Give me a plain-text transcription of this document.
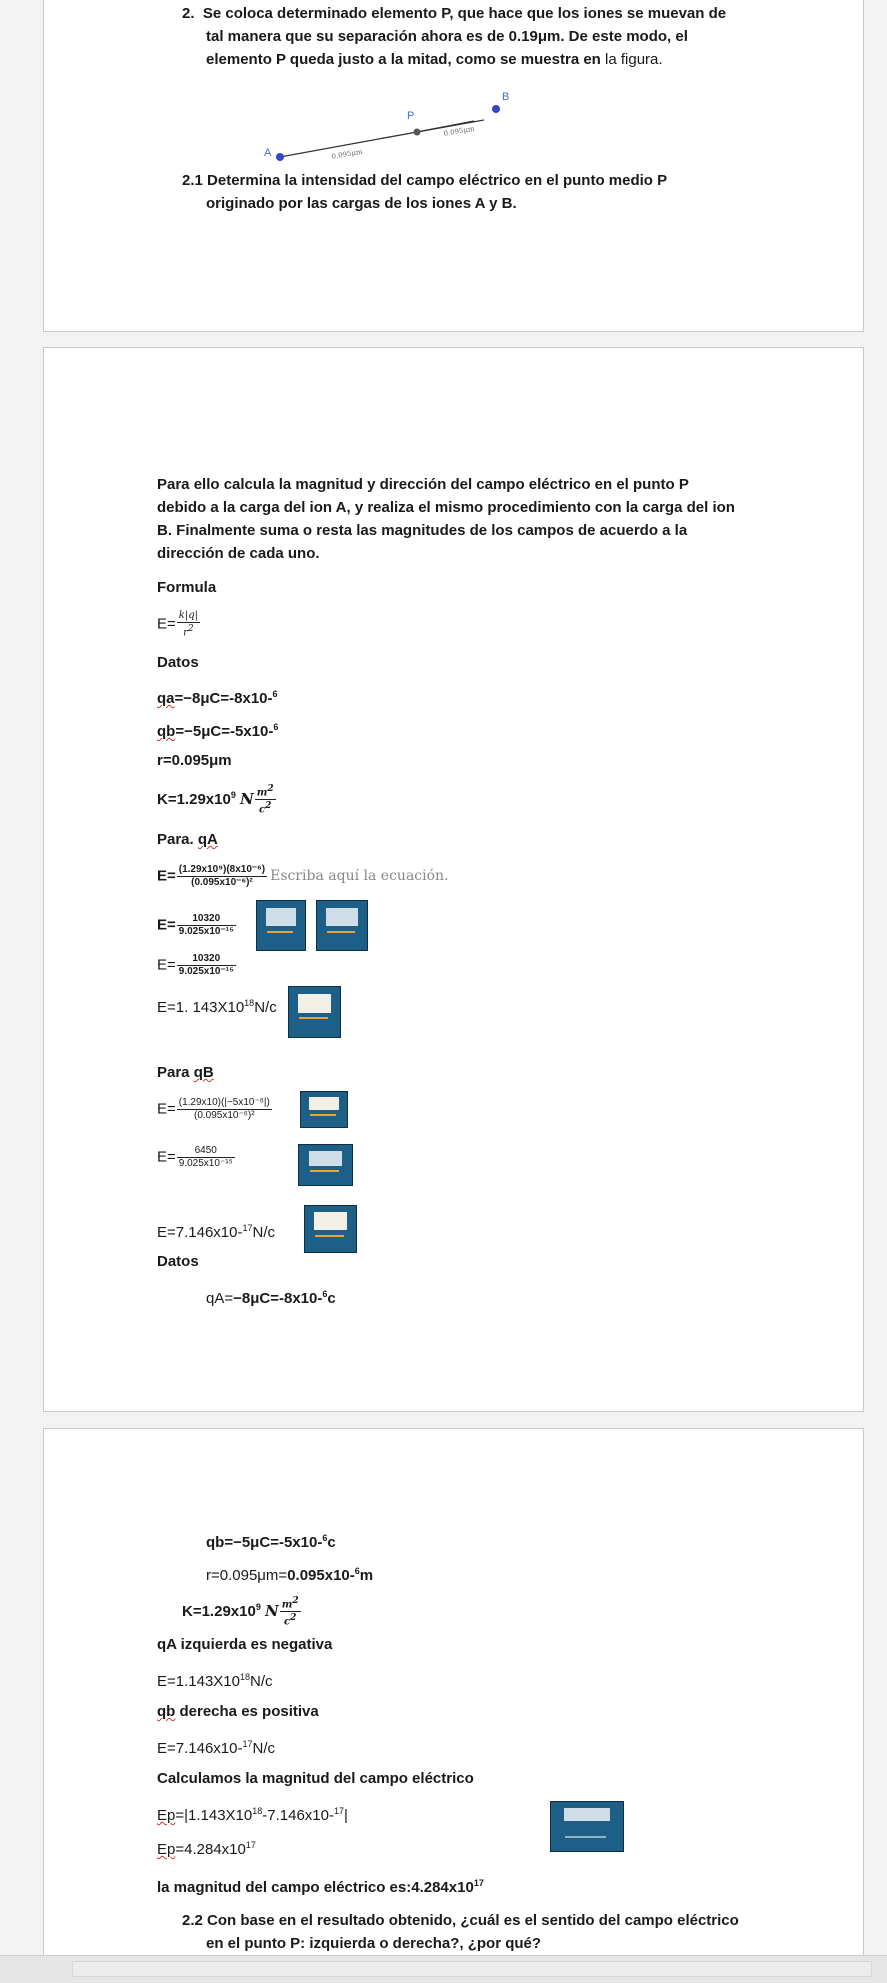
2. Se coloca determinado elemento P, que hace que los iones se muevan de
tal manera que su separación ahora es de 0.19μm. De este modo, el
elemento P queda justo a la mitad, como se muestra en la figura.
A
P
0.095μm
0.095μm
B
2.1 Determina la intensidad del campo eléctrico en el punto medio P
originado por las cargas de los iones A y B.
Para ello calcula la magnitud y dirección del campo eléctrico en el punto P
debido a la carga del ion A, y realiza el mismo procedimiento con la carga del ion
B. Finalmente suma o resta las magnitudes de los campos de acuerdo a la
dirección de cada uno.
Formula
$E= \frac{k|q|}{r^2}$
Datos
qa=−8μC=-8x10-$^6$
qb=−5μC=-5x10-$^6$
r=0.095μm
$K=1.29x10^9$ N $\frac{m^2}{c^2}$
Para. qA
$E= \frac{\text{(1.29x10⁹)(8x10⁻⁶)}}{\text{(0.095x10⁻⁶)²}}$ Escriba aquí la ecuación.
$E= \frac{10320}{\text{9.025x10⁻¹⁵}}$
$E= \frac{10320}{\text{9.025x10⁻¹⁵}}$
E=1. $143X10^{18}N/c$
Para qB
$E= \frac{\text{(1.29x10)(|−5x10⁻⁶|)}}{\text{(0.095x10⁻⁶)²}}$
$E= \frac{6450}{\text{9.025x10⁻¹⁵}}$
E=7.146x10-$^{17}$N/c
Datos
qA=−8μC=-8x10-$^6$c
qb=−5μC=-5x10-$^6$c
r=0.095μm=0.095x10-$^6$m
$K=1.29x10^9$ N $\frac{m^2}{c^2}$
qA izquierda es negativa
$E=1.143X10^{18}N/c$
qb derecha es positiva
E=7.146x10-$^{17}$N/c
Calculamos la magnitud del campo eléctrico
$Ep=|1.143X10^{18}-7.146x10-^{17}|$
$Ep=4.284x10^{17}$
la magnitud del campo eléctrico $es:4.284x10^{17}$
2.2 Con base en el resultado obtenido, ¿cuál es el sentido del campo eléctrico
en el punto P: izquierda o derecha?, ¿por qué?
